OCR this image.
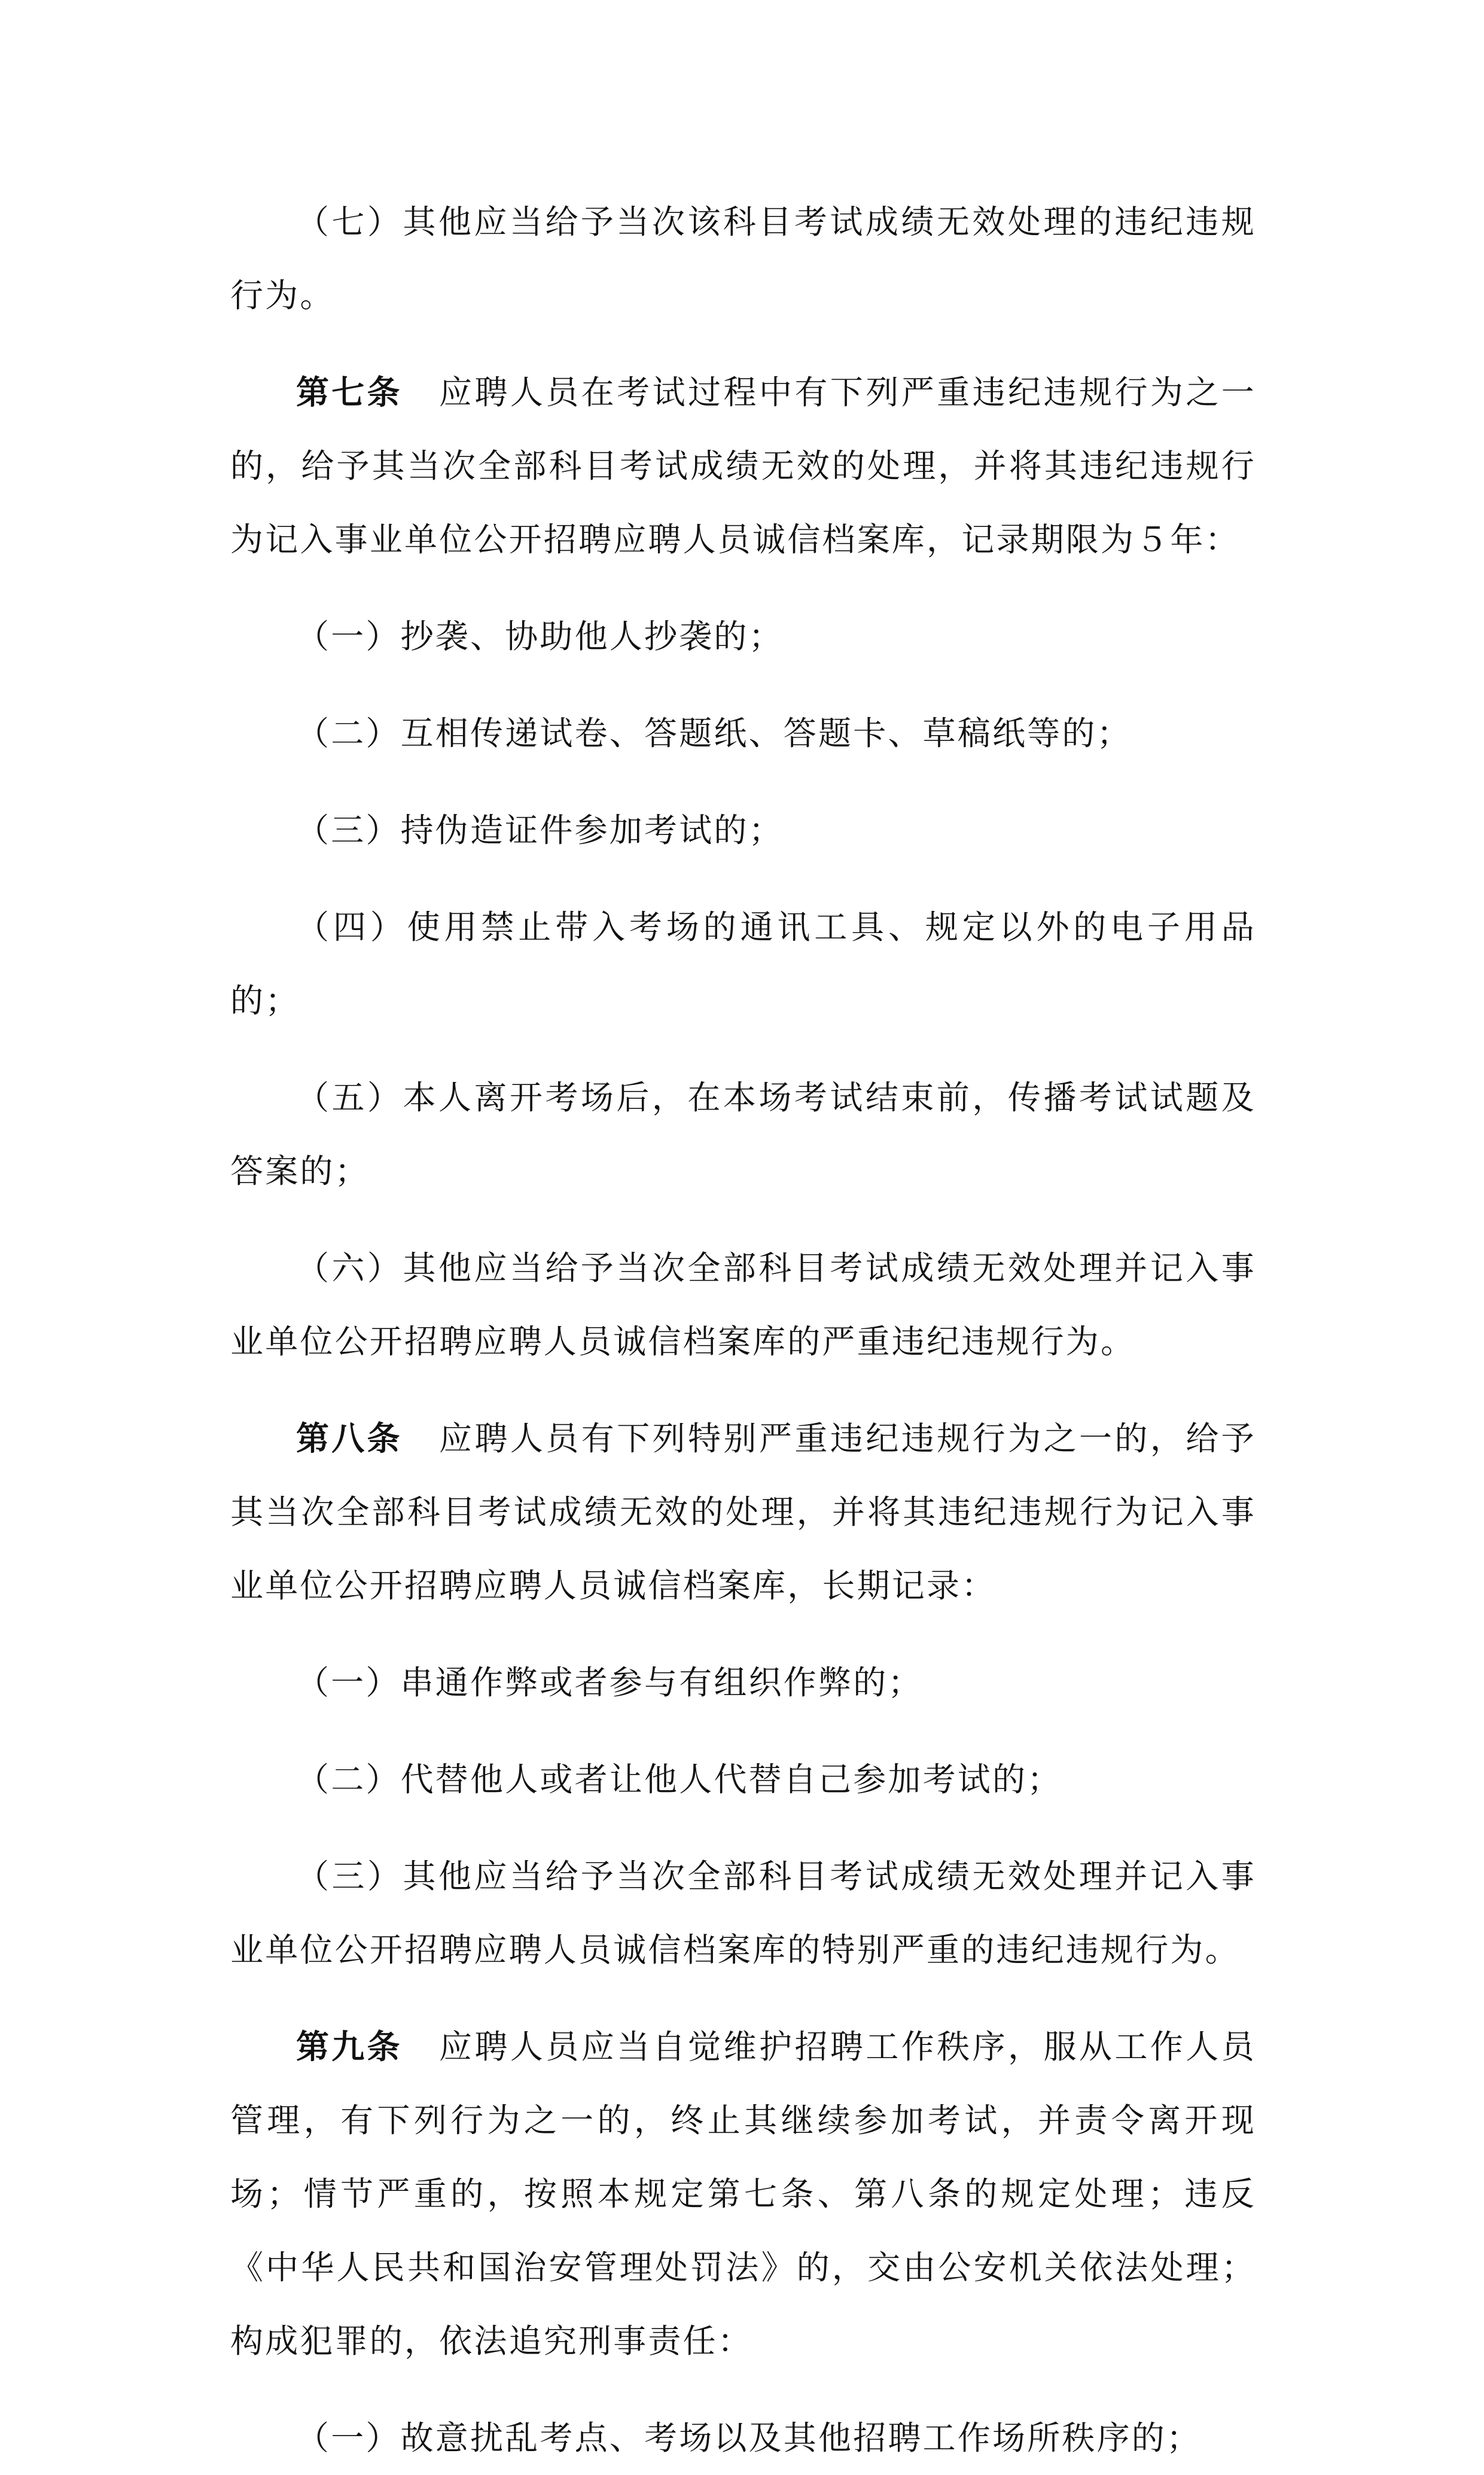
（七）其他应当给予当次该科目考试成绩无效处理的违纪违规行为。

第七条 应聘人员在考试过程中有下列严重违纪违规行为之一的，给予其当次全部科目考试成绩无效的处理，并将其违纪违规行为记入事业单位公开招聘应聘人员诚信档案库，记录期限为５年：

（一）抄袭、协助他人抄袭的；

（二）互相传递试卷、答题纸、答题卡、草稿纸等的；

（三）持伪造证件参加考试的；

（四）使用禁止带入考场的通讯工具、规定以外的电子用品的；

（五）本人离开考场后，在本场考试结束前，传播考试试题及答案的；

（六）其他应当给予当次全部科目考试成绩无效处理并记入事业单位公开招聘应聘人员诚信档案库的严重违纪违规行为。

第八条 应聘人员有下列特别严重违纪违规行为之一的，给予其当次全部科目考试成绩无效的处理，并将其违纪违规行为记入事业单位公开招聘应聘人员诚信档案库，长期记录：

（一）串通作弊或者参与有组织作弊的；

（二）代替他人或者让他人代替自己参加考试的；

（三）其他应当给予当次全部科目考试成绩无效处理并记入事业单位公开招聘应聘人员诚信档案库的特别严重的违纪违规行为。

第九条 应聘人员应当自觉维护招聘工作秩序，服从工作人员管理，有下列行为之一的，终止其继续参加考试，并责令离开现场；情节严重的，按照本规定第七条、第八条的规定处理；违反《中华人民共和国治安管理处罚法》的，交由公安机关依法处理；构成犯罪的，依法追究刑事责任：

（一）故意扰乱考点、考场以及其他招聘工作场所秩序的；
